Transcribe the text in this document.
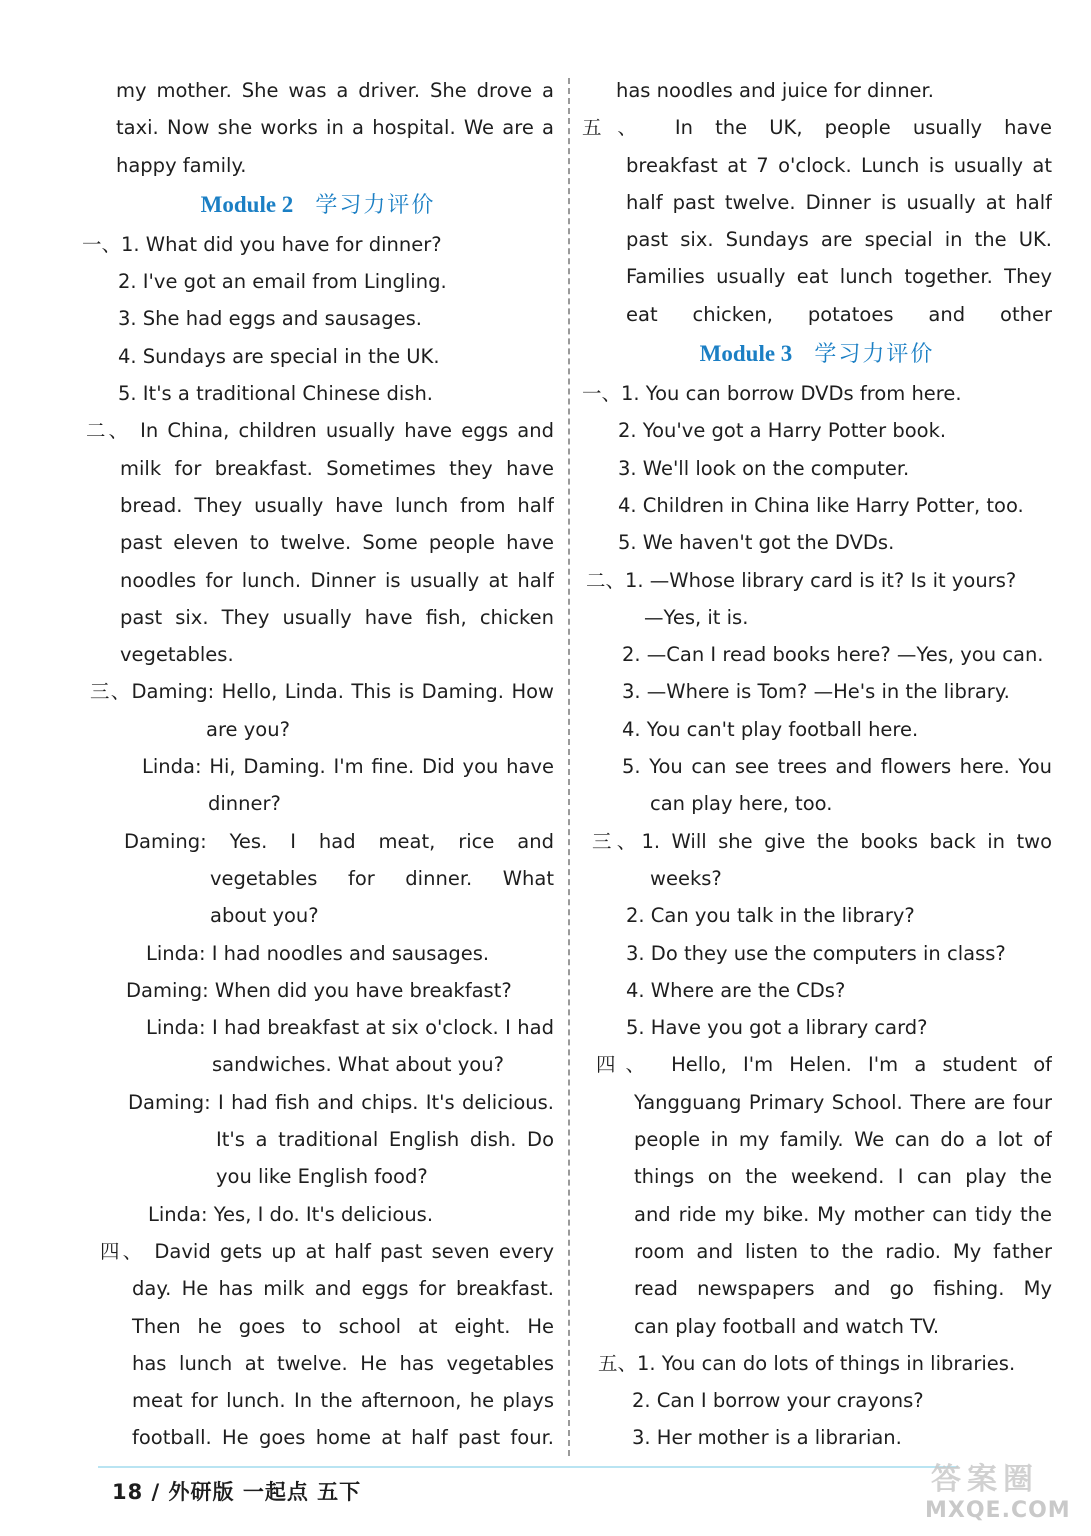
my mother. She was a driver. She drove a
taxi. Now she works in a hospital. We are a
happy family.
Module 2 学习力评价
一、1. What did you have for dinner?
2. I've got an email from Lingling.
3. She had eggs and sausages.
4. Sundays are special in the UK.
5. It's a traditional Chinese dish.
二、 In China, children usually have eggs and
milk for breakfast. Sometimes they have
bread. They usually have lunch from half
past eleven to twelve. Some people have
noodles for lunch. Dinner is usually at half
past six. They usually have fish, chicken
vegetables.
三、Daming: Hello, Linda. This is Daming. How
are you?
Linda: Hi, Daming. I'm fine. Did you have
dinner?
Daming: Yes. I had meat, rice and
vegetables for dinner. What
about you?
Linda: I had noodles and sausages.
Daming: When did you have breakfast?
Linda: I had breakfast at six o'clock. I had
sandwiches. What about you?
Daming: I had fish and chips. It's delicious.
It's a traditional English dish. Do
you like English food?
Linda: Yes, I do. It's delicious.
四、 David gets up at half past seven every
day. He has milk and eggs for breakfast.
Then he goes to school at eight. He
has lunch at twelve. He has vegetables
meat for lunch. In the afternoon, he plays
football. He goes home at half past four.
has noodles and juice for dinner.
五、 In the UK, people usually have
breakfast at 7 o'clock. Lunch is usually at
half past twelve. Dinner is usually at half
past six. Sundays are special in the UK.
Families usually eat lunch together. They
eat chicken, potatoes and other
Module 3 学习力评价
一、1. You can borrow DVDs from here.
2. You've got a Harry Potter book.
3. We'll look on the computer.
4. Children in China like Harry Potter, too.
5. We haven't got the DVDs.
二、1. —Whose library card is it? Is it yours?
—Yes, it is.
2. —Can I read books here? —Yes, you can.
3. —Where is Tom? —He's in the library.
4. You can't play football here.
5. You can see trees and flowers here. You
can play here, too.
三、1. Will she give the books back in two
weeks?
2. Can you talk in the library?
3. Do they use the computers in class?
4. Where are the CDs?
5. Have you got a library card?
四、 Hello, I'm Helen. I'm a student of
Yangguang Primary School. There are four
people in my family. We can do a lot of
things on the weekend. I can play the
and ride my bike. My mother can tidy the
room and listen to the radio. My father
read newspapers and go fishing. My
can play football and watch TV.
五、1. You can do lots of things in libraries.
2. Can I borrow your crayons?
3. Her mother is a librarian.
18 / 外研版 一起点 五下	答案圈
MXQE.COM
